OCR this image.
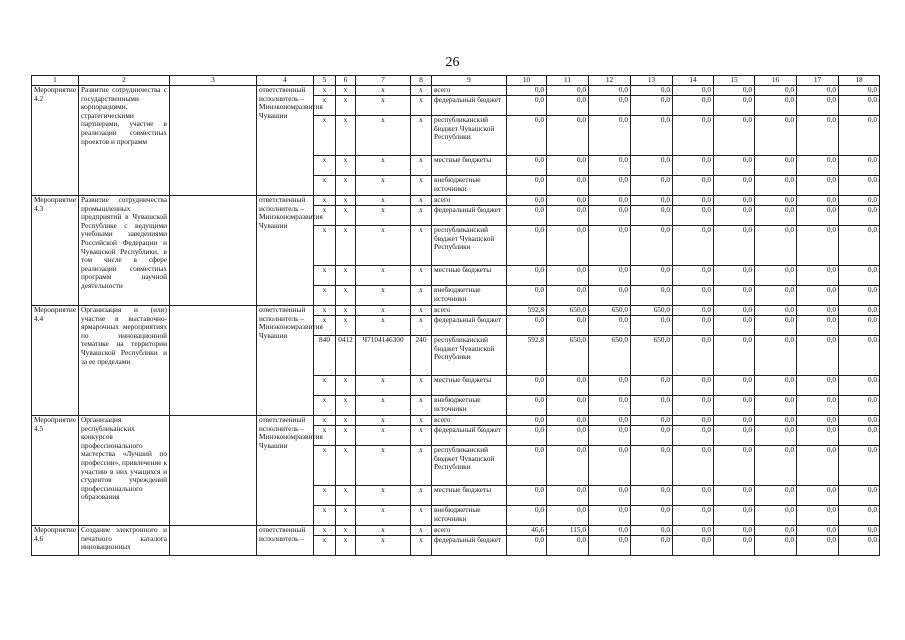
26
1	2	3	4	5	6	7	8	9	10	11	12	13	14	15	16	17	18
Мероприятие 4.2	Развитие сотрудничества с государственными корпорациями, стратегическими партнерами, участие в реализации совместных проектов и программ		ответственный исполнитель – Минэкономразвития Чувашии	x	x	x	x	всего	0,0	0,0	0,0	0,0	0,0	0,0	0,0	0,0	0,0
				x	x	x	x	федеральный бюджет	0,0	0,0	0,0	0,0	0,0	0,0	0,0	0,0	0,0
				x	x	x	x	республиканский бюджет Чувашской Республики	0,0	0,0	0,0	0,0	0,0	0,0	0,0	0,0	0,0
				x	x	x	x	местные бюджеты	0,0	0,0	0,0	0,0	0,0	0,0	0,0	0,0	0,0
				x	x	x	x	внебюджетные источники	0,0	0,0	0,0	0,0	0,0	0,0	0,0	0,0	0,0
Мероприятие 4.3	Развитие сотрудничества промышленных предприятий в Чувашской Республике с ведущими учебными заведениями Российской Федерации и Чувашской Республики, в том числе в сфере реализации совместных программ научной деятельности		ответственный исполнитель – Минэкономразвития Чувашии	x	x	x	x	всего	0,0	0,0	0,0	0,0	0,0	0,0	0,0	0,0	0,0
				x	x	x	x	федеральный бюджет	0,0	0,0	0,0	0,0	0,0	0,0	0,0	0,0	0,0
				x	x	x	x	республиканский бюджет Чувашской Республики	0,0	0,0	0,0	0,0	0,0	0,0	0,0	0,0	0,0
				x	x	x	x	местные бюджеты	0,0	0,0	0,0	0,0	0,0	0,0	0,0	0,0	0,0
				x	x	x	x	внебюджетные источники	0,0	0,0	0,0	0,0	0,0	0,0	0,0	0,0	0,0
Мероприятие 4.4	Организация и (или) участие в выставочно-ярмарочных мероприятиях по инновационной тематике на территории Чувашской Республики и за ее пределами		ответственный исполнитель – Минэкономразвития Чувашии	x	x	x	x	всего	592,8	650,0	650,0	650,0	0,0	0,0	0,0	0,0	0,0
				x	x	x	x	федеральный бюджет	0,0	0,0	0,0	0,0	0,0	0,0	0,0	0,0	0,0
				840	0412	Ч7104146300	240	республиканский бюджет Чувашской Республики	592,8	650,0	650,0	650,0	0,0	0,0	0,0	0,0	0,0
				x	x	x	x	местные бюджеты	0,0	0,0	0,0	0,0	0,0	0,0	0,0	0,0	0,0
				x	x	x	x	внебюджетные источники	0,0	0,0	0,0	0,0	0,0	0,0	0,0	0,0	0,0
Мероприятие 4.5	Организация республиканских конкурсов профессионального мастерства «Лучший по профессии», привлечение к участию в них учащихся и студентов учреждений профессионального образования		ответственный исполнитель – Минэкономразвития Чувашии	x	x	x	x	всего	0,0	0,0	0,0	0,0	0,0	0,0	0,0	0,0	0,0
				x	x	x	x	федеральный бюджет	0,0	0,0	0,0	0,0	0,0	0,0	0,0	0,0	0,0
				x	x	x	x	республиканский бюджет Чувашской Республики	0,0	0,0	0,0	0,0	0,0	0,0	0,0	0,0	0,0
				x	x	x	x	местные бюджеты	0,0	0,0	0,0	0,0	0,0	0,0	0,0	0,0	0,0
				x	x	x	x	внебюджетные источники	0,0	0,0	0,0	0,0	0,0	0,0	0,0	0,0	0,0
Мероприятие 4.6	Создание электронного и печатного каталога инновационных		ответственный исполнитель –	x	x	x	x	всего	46,6	115,0	0,0	0,0	0,0	0,0	0,0	0,0	0,0
				x	x	x	x	федеральный бюджет	0,0	0,0	0,0	0,0	0,0	0,0	0,0	0,0	0,0
